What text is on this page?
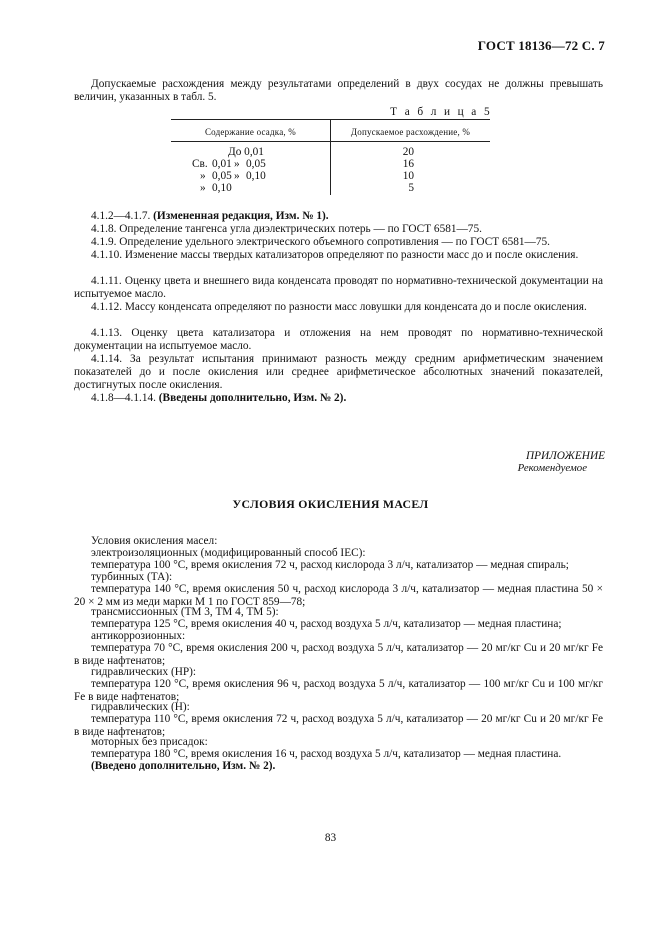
ГОСТ 18136—72 С. 7
Допускаемые расхождения между результатами определений в двух сосудах не должны превышать величин, указанных в табл. 5.
Т а б л и ц а 5
Содержание осадка, %	Допускаемое расхождение, %
До 0,01	20
Св. 0,01 » 0,05	16
» 0,05 » 0,10	10
» 0,10	5
4.1.2—4.1.7. (Измененная редакция, Изм. № 1).
4.1.8. Определение тангенса угла диэлектрических потерь — по ГОСТ 6581—75.
4.1.9. Определение удельного электрического объемного сопротивления — по ГОСТ 6581—75.
4.1.10. Изменение массы твердых катализаторов определяют по разности масс до и после окисления.
4.1.11. Оценку цвета и внешнего вида конденсата проводят по нормативно-технической документации на испытуемое масло.
4.1.12. Массу конденсата определяют по разности масс ловушки для конденсата до и после окисления.
4.1.13. Оценку цвета катализатора и отложения на нем проводят по нормативно-технической документации на испытуемое масло.
4.1.14. За результат испытания принимают разность между средним арифметическим значением показателей до и после окисления или среднее арифметическое абсолютных значений показателей, достигнутых после окисления.
4.1.8—4.1.14. (Введены дополнительно, Изм. № 2).
ПРИЛОЖЕНИЕ
Рекомендуемое
УСЛОВИЯ ОКИСЛЕНИЯ МАСЕЛ
Условия окисления масел:
электроизоляционных (модифицированный способ IEC):
температура 100 °С, время окисления 72 ч, расход кислорода 3 л/ч, катализатор — медная спираль;
турбинных (ТА):
температура 140 °С, время окисления 50 ч, расход кислорода 3 л/ч, катализатор — медная пластина 50 × 20 × 2 мм из меди марки М 1 по ГОСТ 859—78;
трансмиссионных (ТМ 3, ТМ 4, ТМ 5):
температура 125 °С, время окисления 40 ч, расход воздуха 5 л/ч, катализатор — медная пластина;
антикоррозионных:
температура 70 °С, время окисления 200 ч, расход воздуха 5 л/ч, катализатор — 20 мг/кг Cu и 20 мг/кг Fe в виде нафтенатов;
гидравлических (НР):
температура 120 °С, время окисления 96 ч, расход воздуха 5 л/ч, катализатор — 100 мг/кг Cu и 100 мг/кг Fe в виде нафтенатов;
гидравлических (Н):
температура 110 °С, время окисления 72 ч, расход воздуха 5 л/ч, катализатор — 20 мг/кг Cu и 20 мг/кг Fe в виде нафтенатов;
моторных без присадок:
температура 180 °С, время окисления 16 ч, расход воздуха 5 л/ч, катализатор — медная пластина.
(Введено дополнительно, Изм. № 2).
83
